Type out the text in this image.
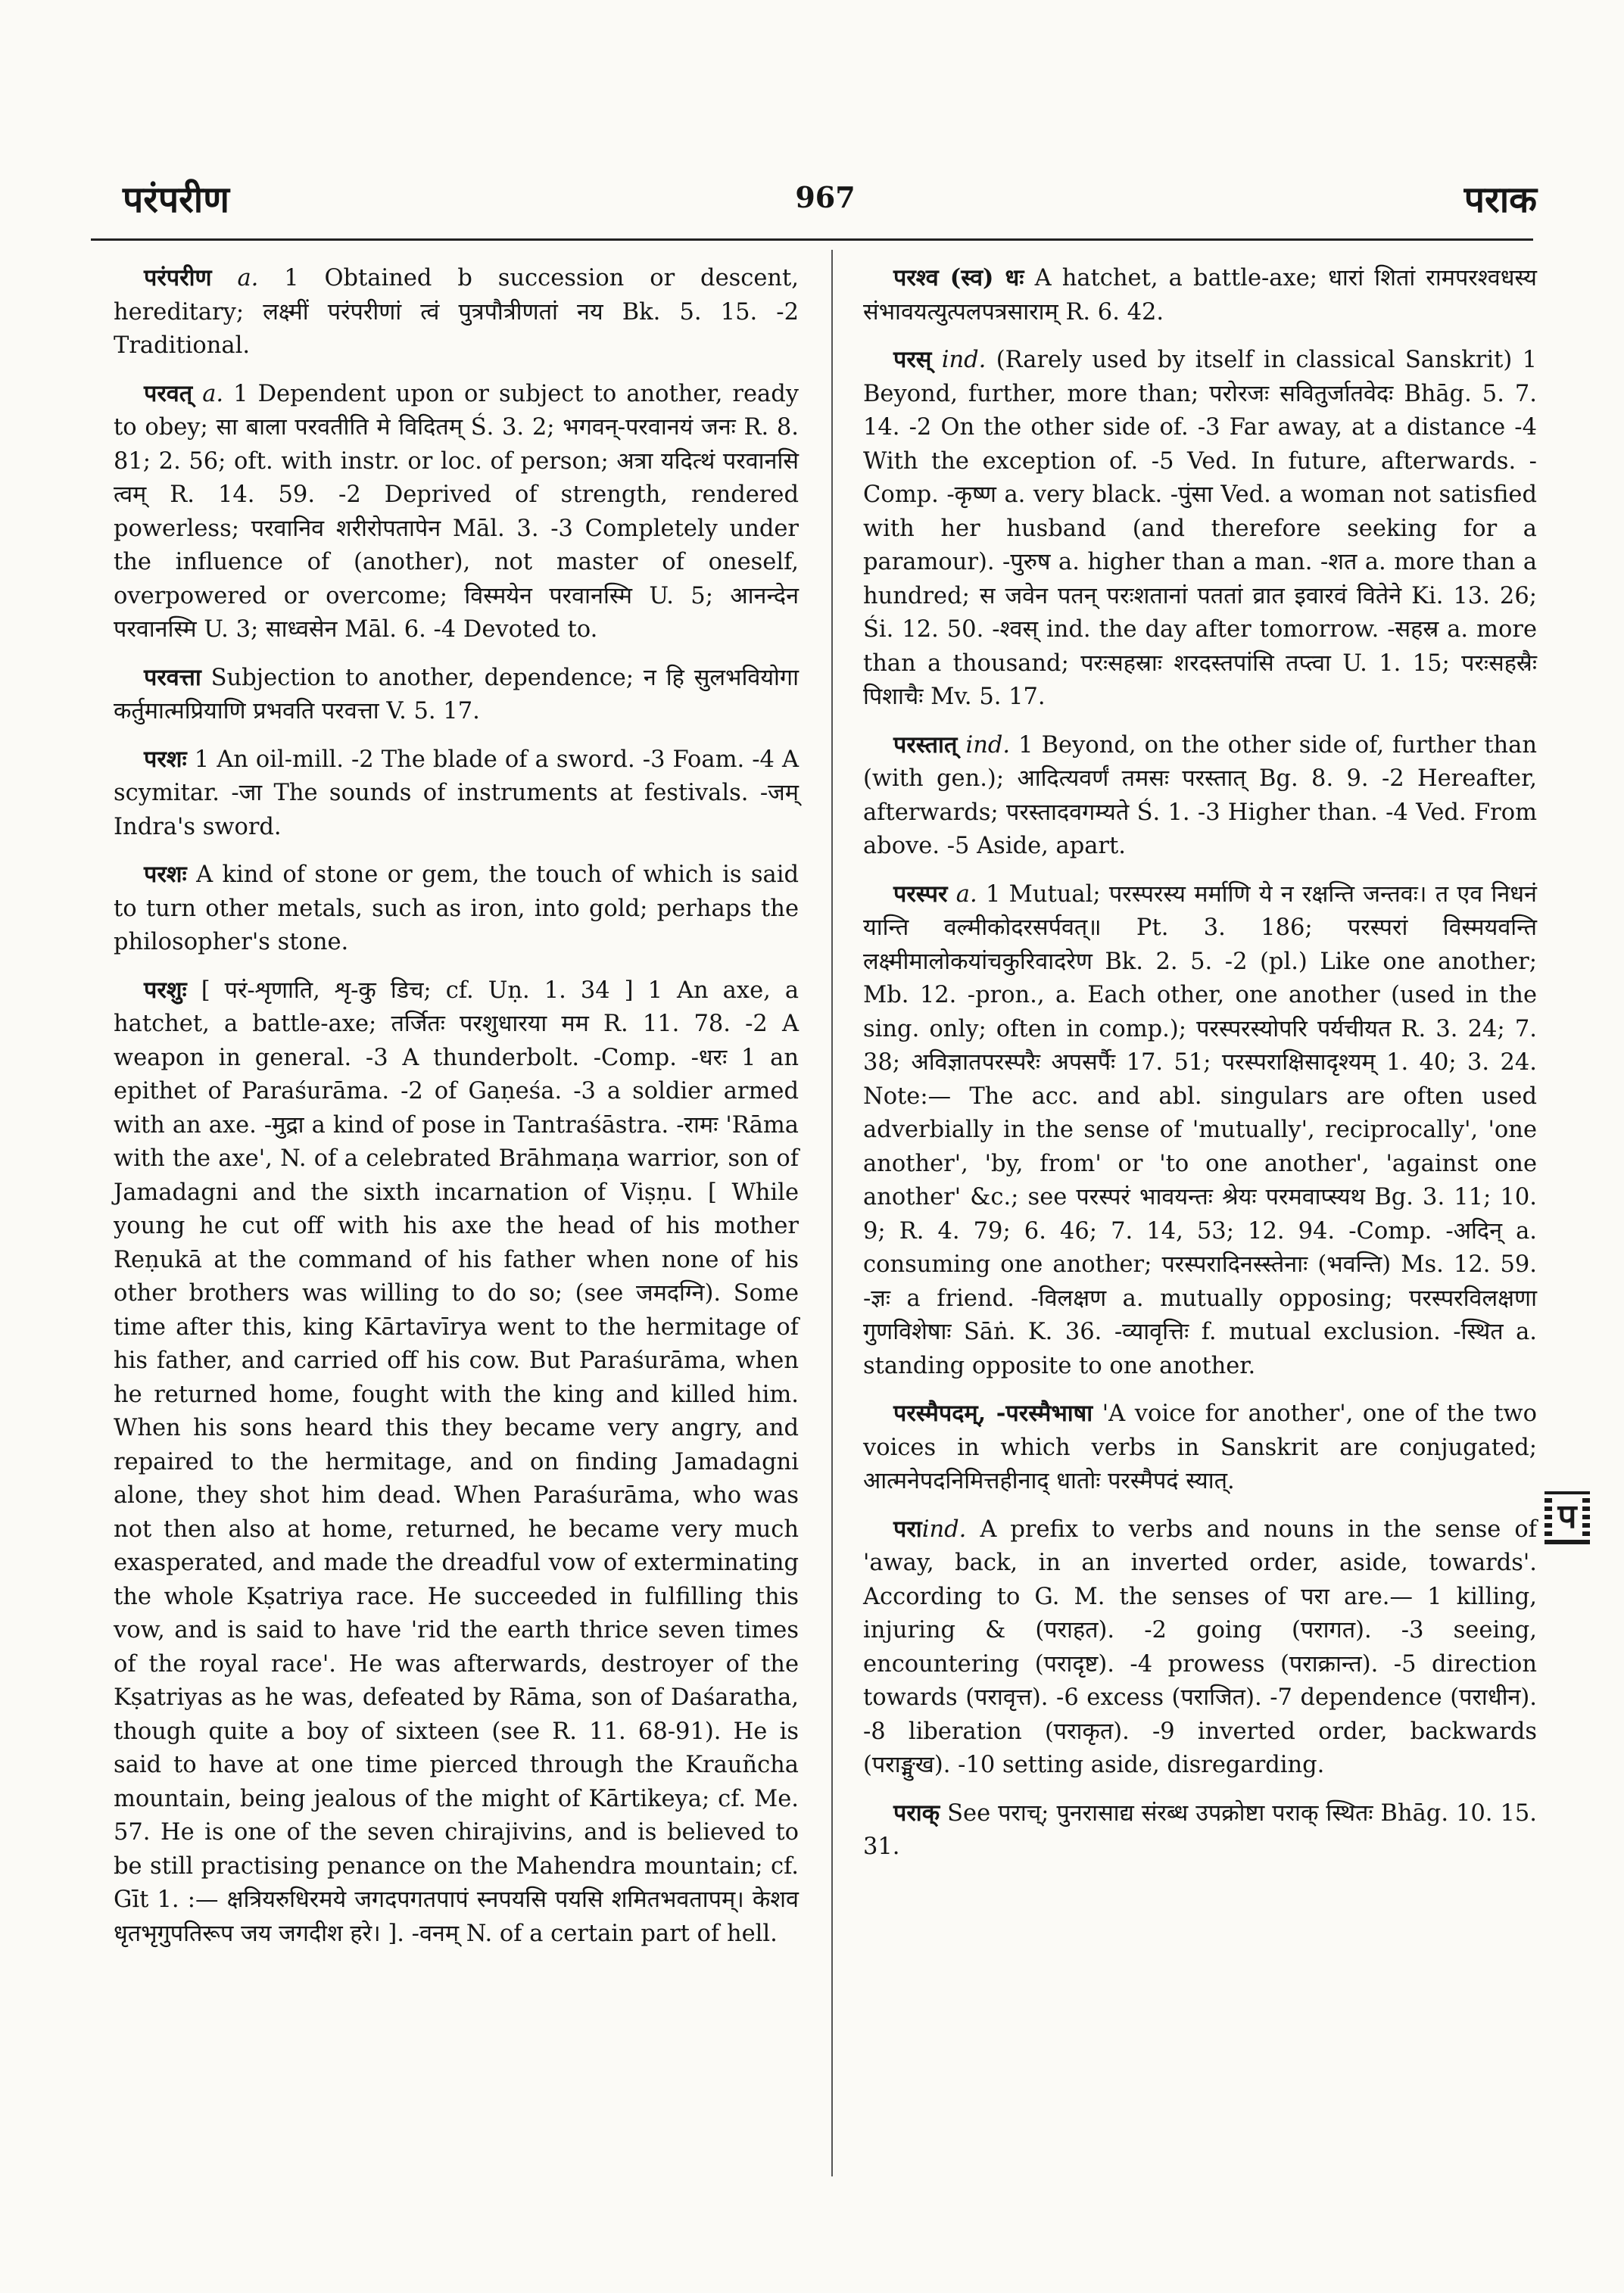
परंपरीण	967	पराक

परंपरीण a. 1 Obtained b succession or descent, hereditary; लक्ष्मीं परंपरीणां त्वं पुत्रपौत्रीणतां नय Bk. 5. 15. -2 Traditional.

परवत् a. 1 Dependent upon or subject to another, ready to obey; सा बाला परवतीति मे विदितम् Ś. 3. 2; भगवन्-परवानयं जनः R. 8. 81; 2. 56; oft. with instr. or loc. of person; अत्रा यदित्थं परवानसि त्वम् R. 14. 59. -2 Deprived of strength, rendered powerless; परवानिव शरीरोपतापेन Māl. 3. -3 Completely under the influence of (another), not master of oneself, overpowered or overcome; विस्मयेन परवानस्मि U. 5; आनन्देन परवानस्मि U. 3; साध्वसेन Māl. 6. -4 Devoted to.

परवत्ता Subjection to another, dependence; न हि सुलभवियोगा कर्तुमात्मप्रियाणि प्रभवति परवत्ता V. 5. 17.

परशः 1 An oil-mill. -2 The blade of a sword. -3 Foam. -4 A scymitar. -जा The sounds of instruments at festivals. -जम् Indra's sword.

परशः A kind of stone or gem, the touch of which is said to turn other metals, such as iron, into gold; perhaps the philosopher's stone.

परशुः [ परं-शृणाति, शृ-कु डिच; cf. Uṇ. 1. 34 ] 1 An axe, a hatchet, a battle-axe; तर्जितः परशुधारया मम R. 11. 78. -2 A weapon in general. -3 A thunderbolt. -Comp. -धरः 1 an epithet of Paraśurāma. -2 of Gaṇeśa. -3 a soldier armed with an axe. -मुद्रा a kind of pose in Tantraśāstra. -रामः 'Rāma with the axe', N. of a celebrated Brāhmaṇa warrior, son of Jamadagni and the sixth incarnation of Viṣṇu. [ While young he cut off with his axe the head of his mother Reṇukā at the command of his father when none of his other brothers was willing to do so; (see जमदग्नि). Some time after this, king Kārtavīrya went to the hermitage of his father, and carried off his cow. But Paraśurāma, when he returned home, fought with the king and killed him. When his sons heard this they became very angry, and repaired to the hermitage, and on finding Jamadagni alone, they shot him dead. When Paraśurāma, who was not then also at home, returned, he became very much exasperated, and made the dreadful vow of exterminating the whole Kṣatriya race. He succeeded in fulfilling this vow, and is said to have 'rid the earth thrice seven times of the royal race'. He was afterwards, destroyer of the Kṣatriyas as he was, defeated by Rāma, son of Daśaratha, though quite a boy of sixteen (see R. 11. 68-91). He is said to have at one time pierced through the Krauñcha mountain, being jealous of the might of Kārtikeya; cf. Me. 57. He is one of the seven chirajivins, and is believed to be still practising penance on the Mahendra mountain; cf. Gīt 1. :— क्षत्रियरुधिरमये जगदपगतपापं स्नपयसि पयसि शमितभवतापम्। केशव धृतभृगुपतिरूप जय जगदीश हरे। ]. -वनम् N. of a certain part of hell.

परश्व (स्व) धः A hatchet, a battle-axe; धारां शितां रामपरश्वधस्य संभावयत्युत्पलपत्रसाराम् R. 6. 42.

परस् ind. (Rarely used by itself in classical Sanskrit) 1 Beyond, further, more than; परोरजः सवितुर्जातवेदः Bhāg. 5. 7. 14. -2 On the other side of. -3 Far away, at a distance -4 With the exception of. -5 Ved. In future, afterwards. -Comp. -कृष्ण a. very black. -पुंसा Ved. a woman not satisfied with her husband (and therefore seeking for a paramour). -पुरुष a. higher than a man. -शत a. more than a hundred; स जवेन पतन् परःशतानां पततां व्रात इवारवं वितेने Ki. 13. 26; Śi. 12. 50. -श्वस् ind. the day after tomorrow. -सहस्र a. more than a thousand; परःसहस्राः शरदस्तपांसि तप्त्वा U. 1. 15; परःसहस्रैः पिशाचैः Mv. 5. 17.

परस्तात् ind. 1 Beyond, on the other side of, further than (with gen.); आदित्यवर्णं तमसः परस्तात् Bg. 8. 9. -2 Hereafter, afterwards; परस्तादवगम्यते Ś. 1. -3 Higher than. -4 Ved. From above. -5 Aside, apart.

परस्पर a. 1 Mutual; परस्परस्य मर्माणि ये न रक्षन्ति जन्तवः। त एव निधनं यान्ति वल्मीकोदरसर्पवत्॥ Pt. 3. 186; परस्परां विस्मयवन्ति लक्ष्मीमालोकयांचकुरिवादरेण Bk. 2. 5. -2 (pl.) Like one another; Mb. 12. -pron., a. Each other, one another (used in the sing. only; often in comp.); परस्परस्योपरि पर्यचीयत R. 3. 24; 7. 38; अविज्ञातपरस्परैः अपसर्पैः 17. 51; परस्पराक्षिसादृश्यम् 1. 40; 3. 24. Note:— The acc. and abl. singulars are often used adverbially in the sense of 'mutually', reciprocally', 'one another', 'by, from' or 'to one another', 'against one another' &c.; see परस्परं भावयन्तः श्रेयः परमवाप्स्यथ Bg. 3. 11; 10. 9; R. 4. 79; 6. 46; 7. 14, 53; 12. 94. -Comp. -अदिन् a. consuming one another; परस्परादिनस्स्तेनाः (भवन्ति) Ms. 12. 59. -ज्ञः a friend. -विलक्षण a. mutually opposing; परस्परविलक्षणा गुणविशेषाः Sāṅ. K. 36. -व्यावृत्तिः f. mutual exclusion. -स्थित a. standing opposite to one another.

परस्मैपदम्, -परस्मैभाषा 'A voice for another', one of the two voices in which verbs in Sanskrit are conjugated; आत्मनेपदनिमित्तहीनाद् धातोः परस्मैपदं स्यात्.

पराind. A prefix to verbs and nouns in the sense of 'away, back, in an inverted order, aside, towards'. According to G. M. the senses of परा are.— 1 killing, injuring & (पराहत). -2 going (परागत). -3 seeing, encountering (परादृष्ट). -4 prowess (पराक्रान्त). -5 direction towards (परावृत्त). -6 excess (पराजित). -7 dependence (पराधीन). -8 liberation (पराकृत). -9 inverted order, backwards (पराङ्मुख). -10 setting aside, disregarding.

पराक् See पराच्; पुनरासाद्य संरब्ध उपक्रोष्टा पराक् स्थितः Bhāg. 10. 15. 31.

प
